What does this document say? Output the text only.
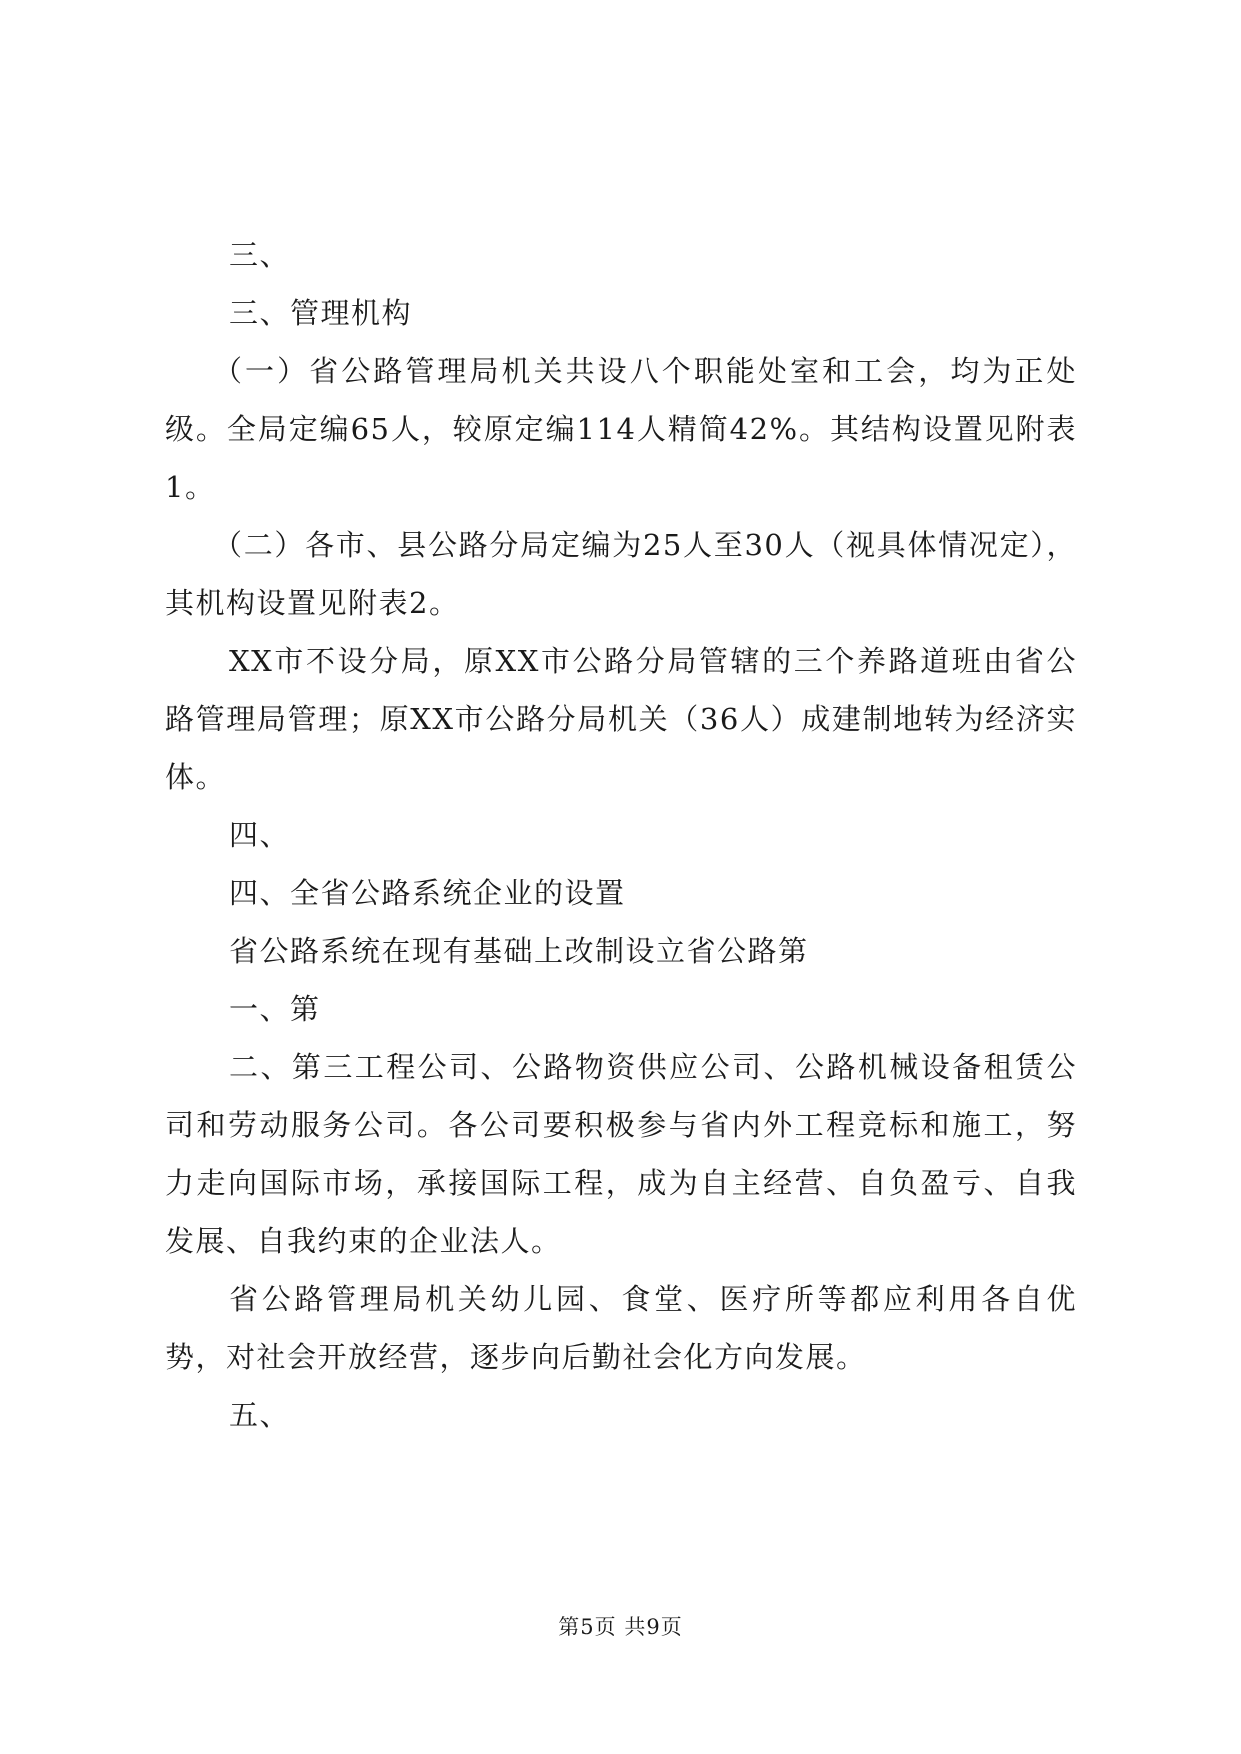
三、

三、管理机构

（一）省公路管理局机关共设八个职能处室和工会，均为正处级。全局定编65人，较原定编114人精简42%。其结构设置见附表1。

（二）各市、县公路分局定编为25人至30人（视具体情况定），其机构设置见附表2。

XX市不设分局，原XX市公路分局管辖的三个养路道班由省公路管理局管理；原XX市公路分局机关（36人）成建制地转为经济实体。

四、

四、全省公路系统企业的设置

省公路系统在现有基础上改制设立省公路第

一、第

二、第三工程公司、公路物资供应公司、公路机械设备租赁公司和劳动服务公司。各公司要积极参与省内外工程竞标和施工，努力走向国际市场，承接国际工程，成为自主经营、自负盈亏、自我发展、自我约束的企业法人。

省公路管理局机关幼儿园、食堂、医疗所等都应利用各自优势，对社会开放经营，逐步向后勤社会化方向发展。

五、

第5页 共9页
